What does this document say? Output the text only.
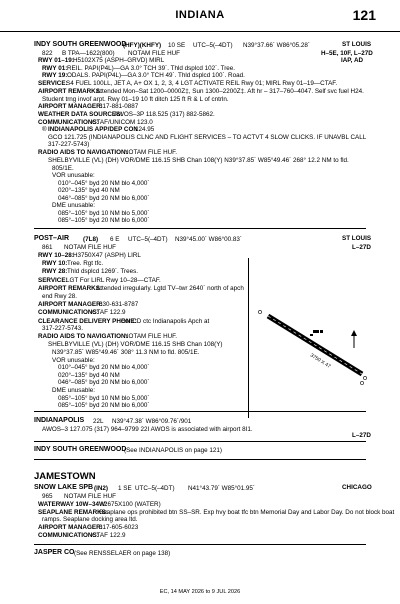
INDIANA	121
INDY SOUTH GREENWOOD
(HFY)(KHFY) 10 SE UTC–5(–4DT) N39°37.66´ W86°05.28´	ST LOUIS
822 B TPA—1622(800) NOTAM FILE HUF	H–5E, 10F, L–27D
RWY 01–19: H5102X75 (ASPH–GRVD) MIRL	IAP, AD
RWY 01: REIL. PAPI(P4L)—GA 3.0° TCH 39´. Thld dsplcd 102´. Tree.
RWY 19: ODALS. PAPI(P4L)—GA 3.0° TCH 49´. Thld dsplcd 100´. Road.
SERVICE:
S4 FUEL 100LL, JET A, A+ OX 1, 2, 3, 4 LGT ACTIVATE REIL Rwy 01; MIRL Rwy 01–19—CTAF.
AIRPORT REMARKS:
Attended Mon–Sat 1200–0000Z‡, Sun 1300–2200Z‡. Aft hr – 317–760–4047. Self svc fuel H24.
Student trng invof arpt. Rwy 01–19 10 ft ditch 125 ft R & L of cntrln.
AIRPORT MANAGER:
317-881-0887
WEATHER DATA SOURCES:
AWOS–3P 118.525 (317) 882-5862.
COMMUNICATIONS:
CTAF/UNICOM 123.0
® INDIANAPOLIS APP/DEP CON
124.95
GCO 121.725 (INDIANAPOLIS CLNC AND FLIGHT SERVICES – TO ACTVT 4 SLOW CLICKS. IF UNAVBL CALL
317-227-5743)
RADIO AIDS TO NAVIGATION:
NOTAM FILE HUF.
SHELBYVILLE (VL) (DH) VOR/DME 116.15 SHB Chan 108(Y) N39°37.85´ W85°49.46´ 268° 12.2 NM to fld.
805/1E.
VOR unusable:
010°–045° byd 20 NM blo 4,000´
020°–135° byd 40 NM
046°–085° byd 20 NM blo 6,000´
DME unusable:
085°–105° byd 10 NM blo 5,000´
085°–105° byd 20 NM blo 6,000´
POST–AIR (7L8) 6 E UTC–5(–4DT) N39°45.00´ W86°00.83´	ST LOUIS
861 NOTAM FILE HUF	L–27D
RWY 10–28: H3750X47 (ASPH) LIRL
RWY 10: Tree. Rgt tfc.
RWY 28: Thld dsplcd 1269´. Trees.
SERVICE:
LGT For LIRL Rwy 10–28—CTAF.
AIRPORT REMARKS:
Attended irregularly. Lgtd TV–twr 2640´ north of apch
end Rwy 28.
AIRPORT MANAGER:
630-631-8787
COMMUNICATIONS:
CTAF 122.9
CLEARANCE DELIVERY PHONE:
For CD ctc Indianapolis Apch at
317-227-5743.
RADIO AIDS TO NAVIGATION:
NOTAM FILE HUF.
SHELBYVILLE (VL) (DH) VOR/DME 116.15 SHB Chan 108(Y)
N39°37.85´ W85°49.46´ 308° 11.3 NM to fld. 805/1E.
VOR unusable:
010°–045° byd 20 NM blo 4,000´
020°–135° byd 40 NM
046°–085° byd 20 NM blo 6,000´
DME unusable:
085°–105° byd 10 NM blo 5,000´
085°–105° byd 20 NM blo 6,000´
3750 X 47
INDIANAPOLIS 22L N39°47.38´ W86°09.76´/901
AWOS–3 127.075 (317) 964–9799 22I AWOS is associated with airport 8I1.
L–27D
INDY SOUTH GREENWOOD
(See INDIANAPOLIS on page 121)
JAMESTOWN
SNOW LAKE SPB (IN2) 1 SE UTC–5(–4DT) N41°43.79´ W85°01.95´	CHICAGO
965 NOTAM FILE HUF
WATERWAY 10W–34W:
2675X100 (WATER)
SEAPLANE REMARKS:
Seaplane ops prohibited btn SS–SR. Exp hvy boat tfc btn Memorial Day and Labor Day. Do not block boat
ramps. Seaplane docking area ltd.
AIRPORT MANAGER:
317-605-6023
COMMUNICATIONS:
CTAF 122.9
JASPER CO (See RENSSELAER on page 138)
EC, 14 MAY 2026 to 9 JUL 2026
